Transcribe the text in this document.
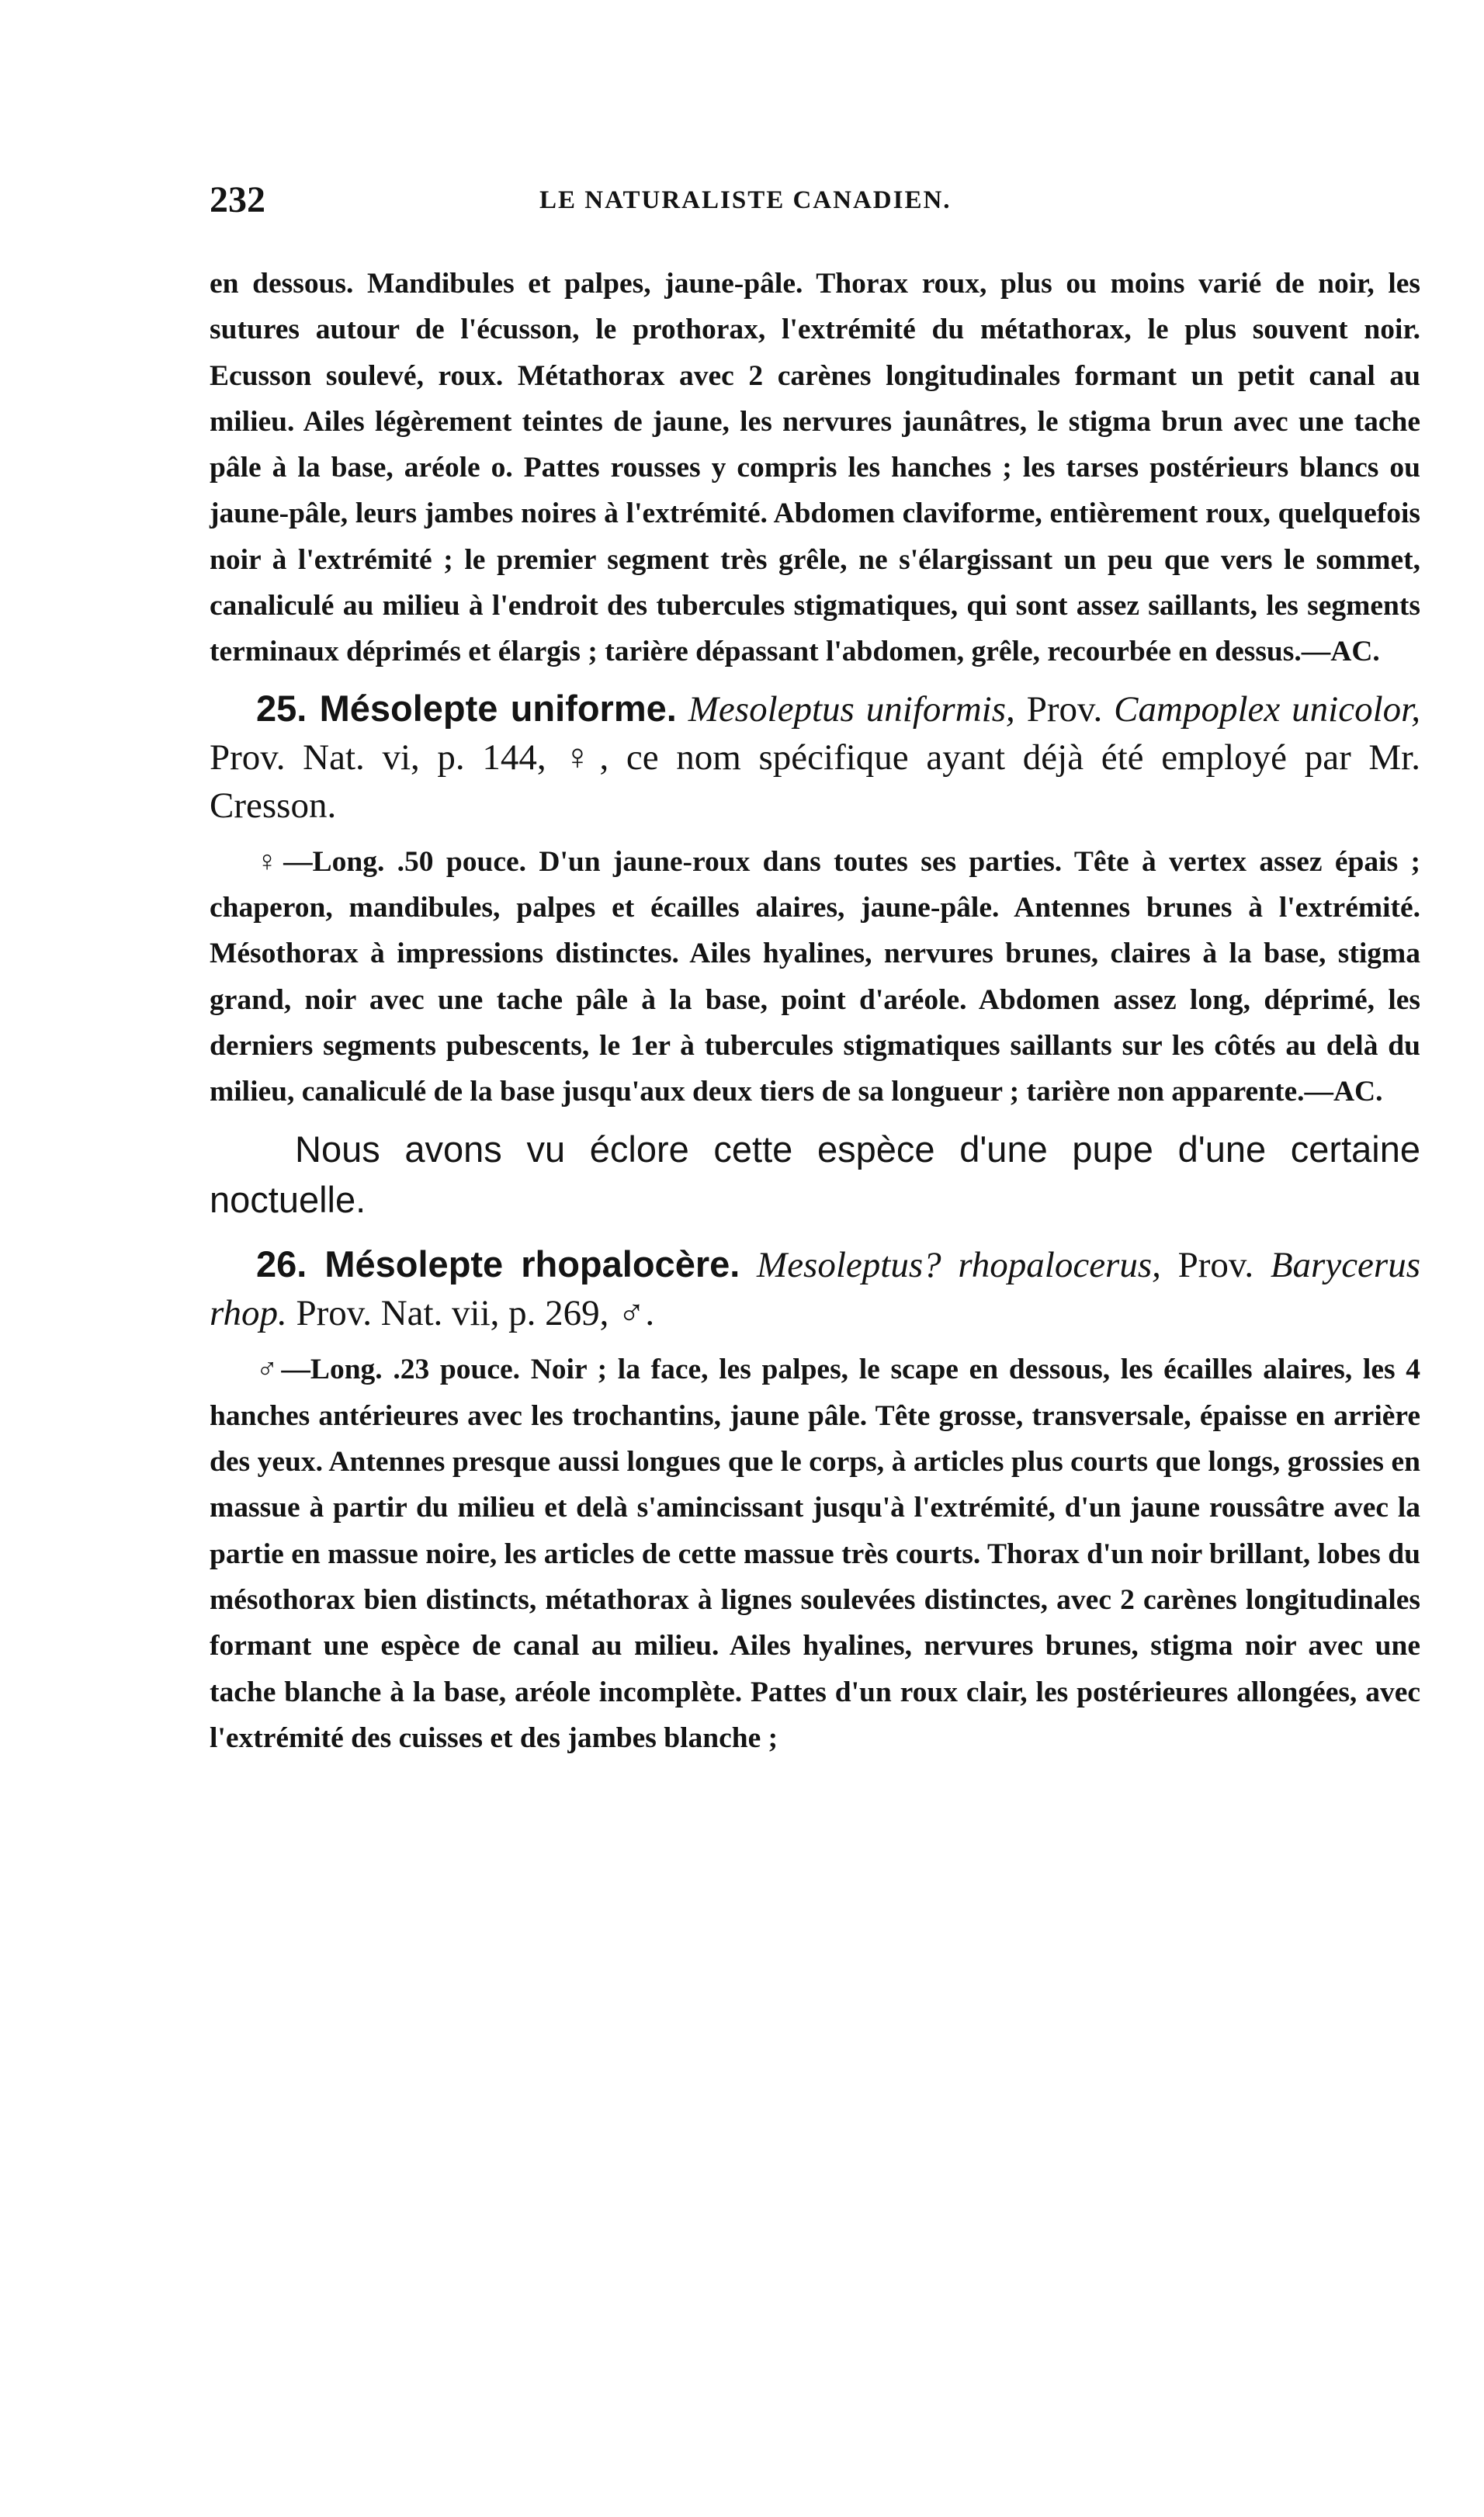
232	LE NATURALISTE CANADIEN.

en dessous. Mandibules et palpes, jaune-pâle. Thorax roux, plus ou moins varié de noir, les sutures autour de l'écusson, le prothorax, l'extrémité du métathorax, le plus souvent noir. Ecusson soulevé, roux. Métathorax avec 2 carènes longitudinales formant un petit canal au milieu. Ailes légèrement teintes de jaune, les nervures jaunâtres, le stigma brun avec une tache pâle à la base, aréole o. Pattes rousses y compris les hanches ; les tarses postérieurs blancs ou jaune-pâle, leurs jambes noires à l'extrémité. Abdomen claviforme, entièrement roux, quelquefois noir à l'extrémité ; le premier segment très grêle, ne s'élargissant un peu que vers le sommet, canaliculé au milieu à l'endroit des tubercules stigmatiques, qui sont assez saillants, les segments terminaux déprimés et élargis ; tarière dépassant l'abdomen, grêle, recourbée en dessus.—AC.

25. Mésolepte uniforme. Mesoleptus uniformis, Prov. Campoplex unicolor, Prov. Nat. vi, p. 144, ♀, ce nom spécifique ayant déjà été employé par Mr. Cresson.

♀—Long. .50 pouce. D'un jaune-roux dans toutes ses parties. Tête à vertex assez épais ; chaperon, mandibules, palpes et écailles alaires, jaune-pâle. Antennes brunes à l'extrémité. Mésothorax à impressions distinctes. Ailes hyalines, nervures brunes, claires à la base, stigma grand, noir avec une tache pâle à la base, point d'aréole. Abdomen assez long, déprimé, les derniers segments pubescents, le 1er à tubercules stigmatiques saillants sur les côtés au delà du milieu, canaliculé de la base jusqu'aux deux tiers de sa longueur ; tarière non apparente.—AC.

Nous avons vu éclore cette espèce d'une pupe d'une certaine noctuelle.

26. Mésolepte rhopalocère. Mesoleptus? rhopalocerus, Prov. Barycerus rhop. Prov. Nat. vii, p. 269, ♂.

♂—Long. .23 pouce. Noir ; la face, les palpes, le scape en dessous, les écailles alaires, les 4 hanches antérieures avec les trochantins, jaune pâle. Tête grosse, transversale, épaisse en arrière des yeux. Antennes presque aussi longues que le corps, à articles plus courts que longs, grossies en massue à partir du milieu et delà s'amincissant jusqu'à l'extrémité, d'un jaune roussâtre avec la partie en massue noire, les articles de cette massue très courts. Thorax d'un noir brillant, lobes du mésothorax bien distincts, métathorax à lignes soulevées distinctes, avec 2 carènes longitudinales formant une espèce de canal au milieu. Ailes hyalines, nervures brunes, stigma noir avec une tache blanche à la base, aréole incomplète. Pattes d'un roux clair, les postérieures allongées, avec l'extrémité des cuisses et des jambes blanche ;
